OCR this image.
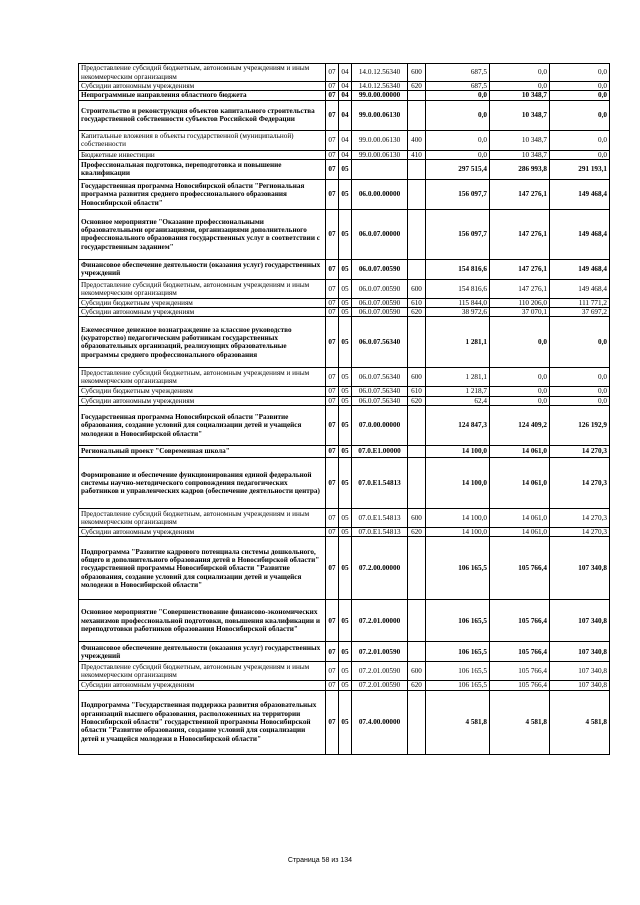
Предоставление субсидий бюджетным, автономным учреждениям и иным некоммерческим организациям	07	04	14.0.12.56340	600	687,5	0,0	0,0
Субсидии автономным учреждениям	07	04	14.0.12.56340	620	687,5	0,0	0,0
Непрограммные направления областного бюджета	07	04	99.0.00.00000		0,0	10 348,7	0,0
Строительство и реконструкция объектов капитального строительства государственной собственности субъектов Российской Федерации	07	04	99.0.00.06130		0,0	10 348,7	0,0
Капитальные вложения в объекты государственной (муниципальной) собственности	07	04	99.0.00.06130	400	0,0	10 348,7	0,0
Бюджетные инвестиции	07	04	99.0.00.06130	410	0,0	10 348,7	0,0
Профессиональная подготовка, переподготовка и повышение квалификации	07	05			297 515,4	286 993,8	291 193,1
Государственная программа Новосибирской области "Региональная программа развития среднего профессионального образования Новосибирской области"	07	05	06.0.00.00000		156 097,7	147 276,1	149 468,4
Основное мероприятие "Оказание профессиональными образовательными организациями, организациями дополнительного профессионального образования государственных услуг в соответствии с государственным заданием"	07	05	06.0.07.00000		156 097,7	147 276,1	149 468,4
Финансовое обеспечение деятельности (оказания услуг) государственных учреждений	07	05	06.0.07.00590		154 816,6	147 276,1	149 468,4
Предоставление субсидий бюджетным, автономным учреждениям и иным некоммерческим организациям	07	05	06.0.07.00590	600	154 816,6	147 276,1	149 468,4
Субсидии бюджетным учреждениям	07	05	06.0.07.00590	610	115 844,0	110 206,0	111 771,2
Субсидии автономным учреждениям	07	05	06.0.07.00590	620	38 972,6	37 070,1	37 697,2
Ежемесячное денежное вознаграждение за классное руководство (кураторство) педагогическим работникам государственных образовательных организаций, реализующих образовательные программы среднего профессионального образования	07	05	06.0.07.56340		1 281,1	0,0	0,0
Предоставление субсидий бюджетным, автономным учреждениям и иным некоммерческим организациям	07	05	06.0.07.56340	600	1 281,1	0,0	0,0
Субсидии бюджетным учреждениям	07	05	06.0.07.56340	610	1 218,7	0,0	0,0
Субсидии автономным учреждениям	07	05	06.0.07.56340	620	62,4	0,0	0,0
Государственная программа Новосибирской области "Развитие образования, создание условий для социализации детей и учащейся молодежи в Новосибирской области"	07	05	07.0.00.00000		124 847,3	124 409,2	126 192,9
Региональный проект "Современная школа"	07	05	07.0.E1.00000		14 100,0	14 061,0	14 270,3
Формирование и обеспечение функционирования единой федеральной системы научно-методического сопровождения педагогических работников и управленческих кадров (обеспечение деятельности центра)	07	05	07.0.E1.54813		14 100,0	14 061,0	14 270,3
Предоставление субсидий бюджетным, автономным учреждениям и иным некоммерческим организациям	07	05	07.0.E1.54813	600	14 100,0	14 061,0	14 270,3
Субсидии автономным учреждениям	07	05	07.0.E1.54813	620	14 100,0	14 061,0	14 270,3
Подпрограмма "Развитие кадрового потенциала системы дошкольного, общего и дополнительного образования детей в Новосибирской области" государственной программы Новосибирской области "Развитие образования, создание условий для социализации детей и учащейся молодежи в Новосибирской области"	07	05	07.2.00.00000		106 165,5	105 766,4	107 340,8
Основное мероприятие "Совершенствование финансово-экономических механизмов профессиональной подготовки, повышения квалификации и переподготовки работников образования Новосибирской области"	07	05	07.2.01.00000		106 165,5	105 766,4	107 340,8
Финансовое обеспечение деятельности (оказания услуг) государственных учреждений	07	05	07.2.01.00590		106 165,5	105 766,4	107 340,8
Предоставление субсидий бюджетным, автономным учреждениям и иным некоммерческим организациям	07	05	07.2.01.00590	600	106 165,5	105 766,4	107 340,8
Субсидии автономным учреждениям	07	05	07.2.01.00590	620	106 165,5	105 766,4	107 340,8
Подпрограмма "Государственная поддержка развития образовательных организаций высшего образования, расположенных на территории Новосибирской области" государственной программы Новосибирской области "Развитие образования, создание условий для социализации детей и учащейся молодежи в Новосибирской области"	07	05	07.4.00.00000		4 581,8	4 581,8	4 581,8
Страница 58 из 134
